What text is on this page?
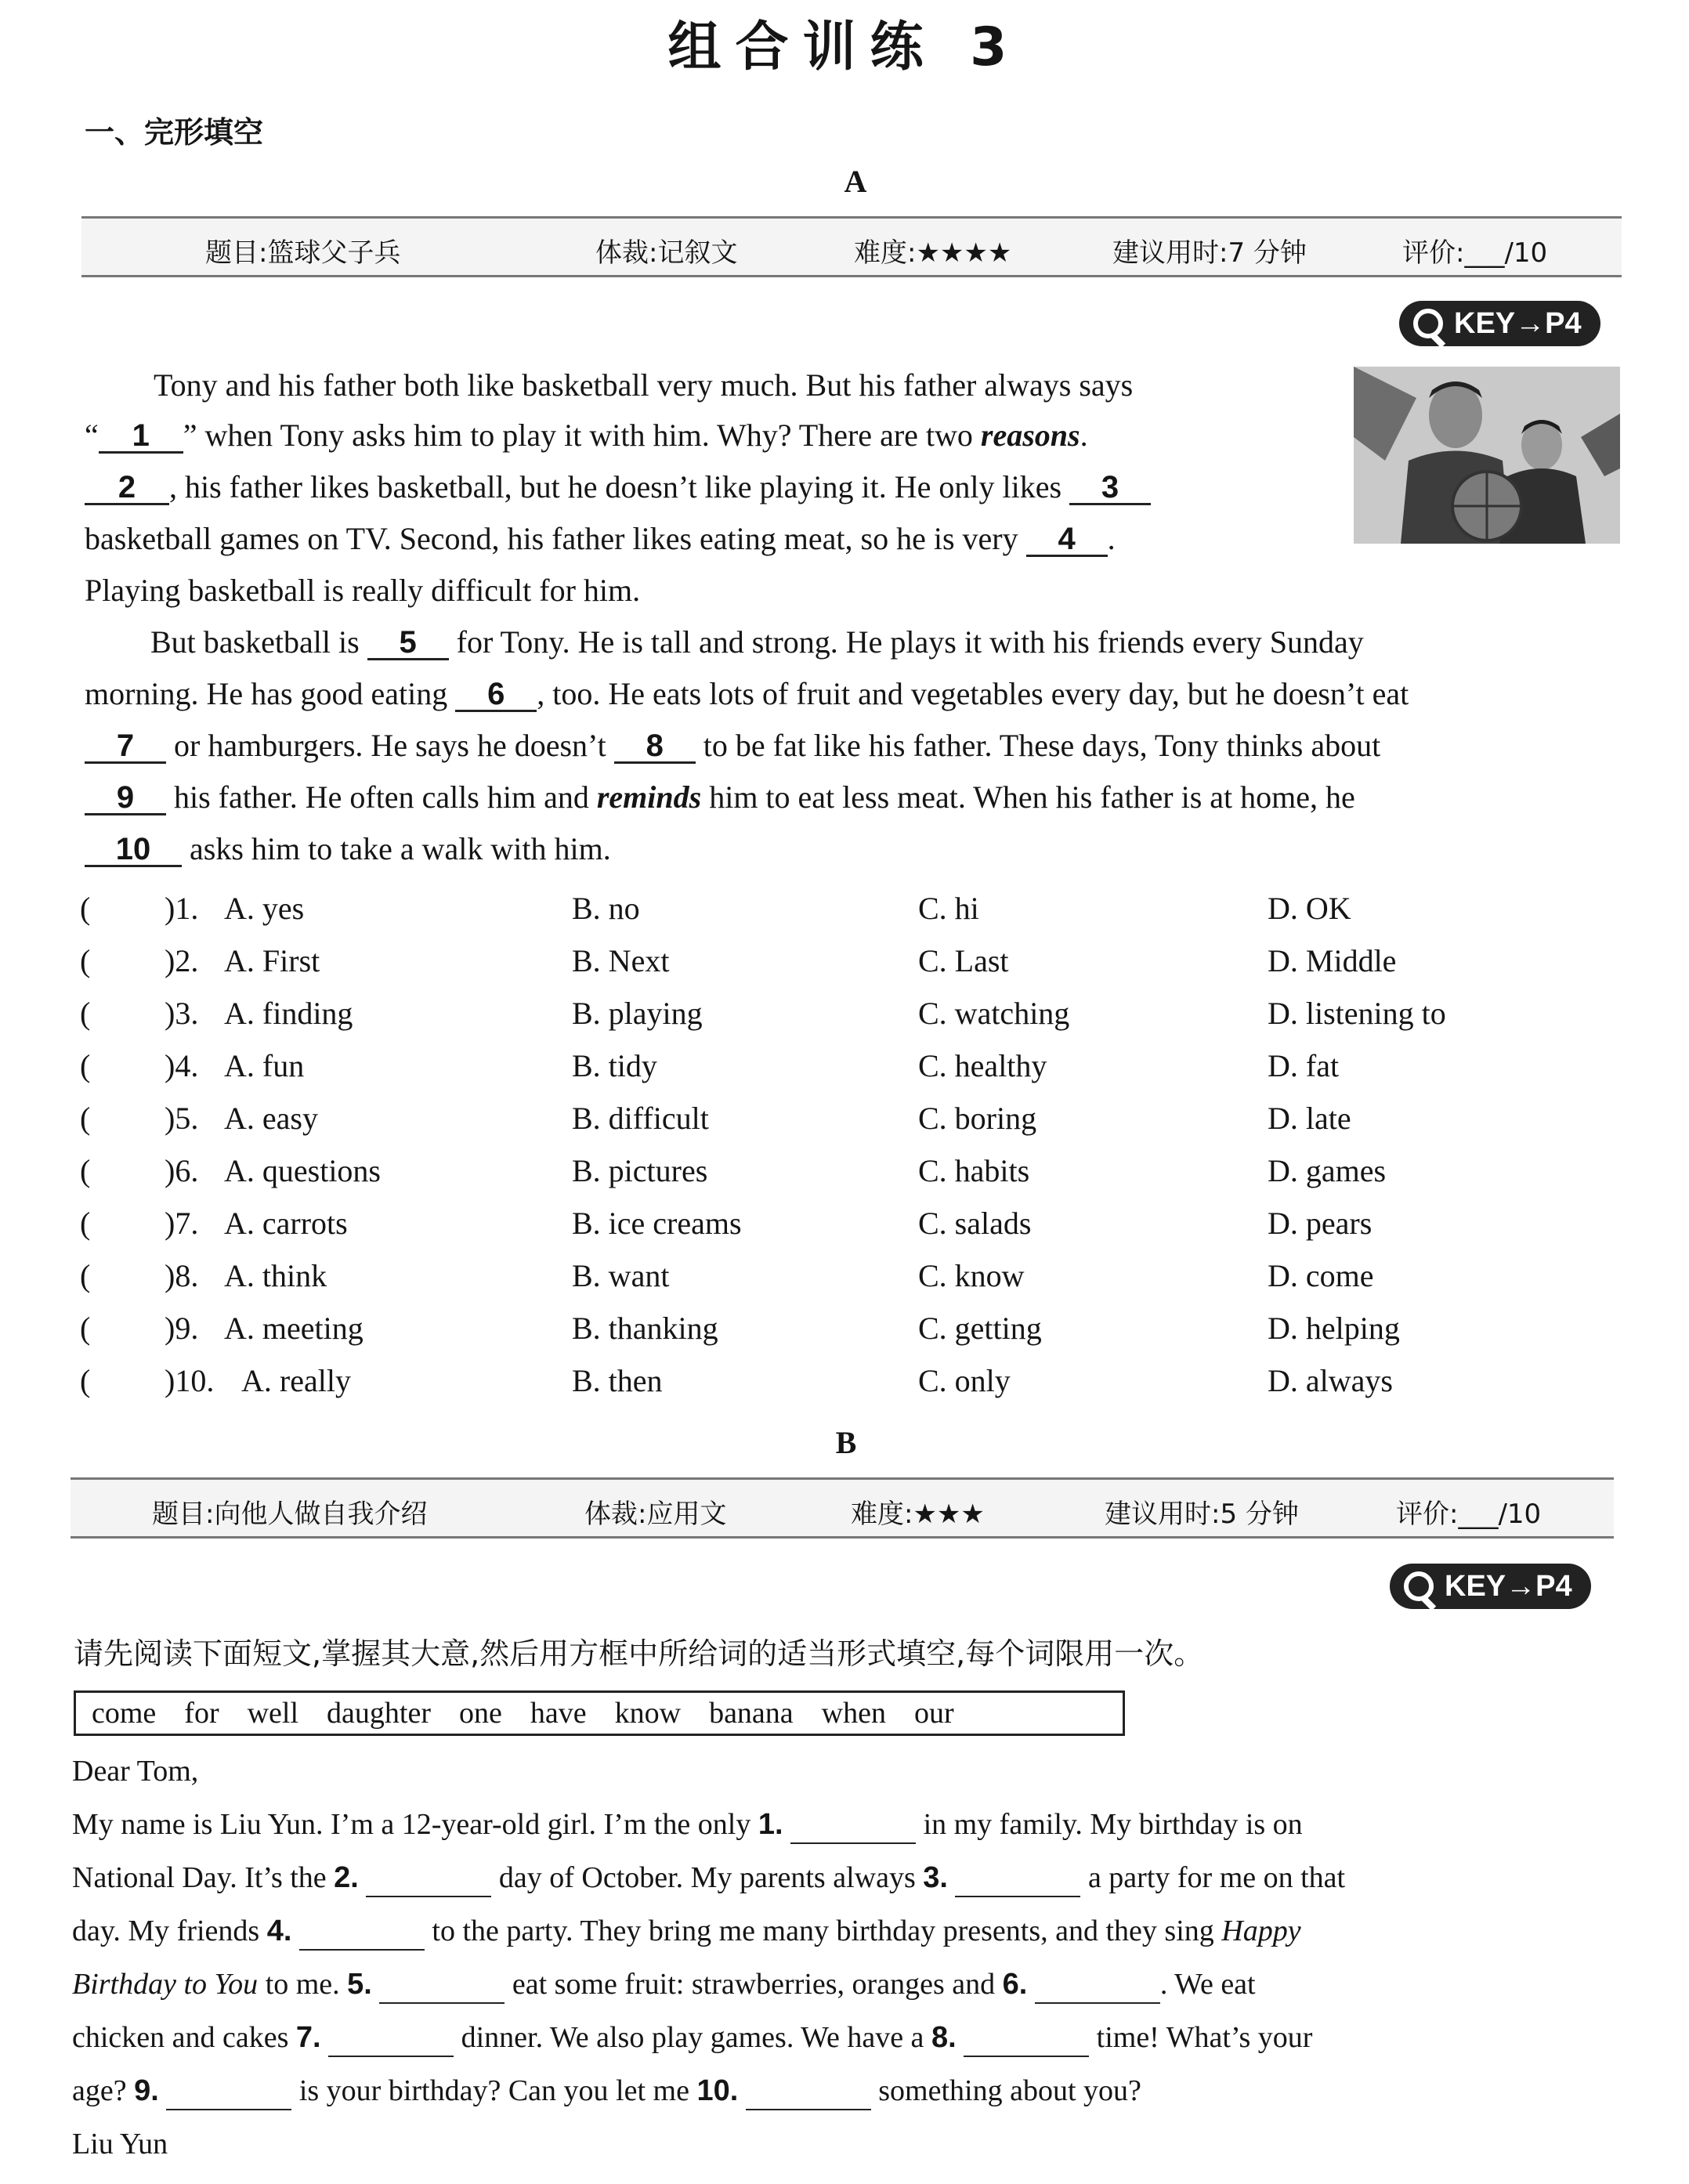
组合训练 3
一、完形填空
A
题目:篮球父子兵	体裁:记叙文	难度:★★★★	建议用时:7 分钟	评价:___/10
KEY→P4
Tony and his father both like basketball very much. But his father always says
“ 1 ” when Tony asks him to play it with him. Why? There are two reasons.
2 , his father likes basketball, but he doesn’t like playing it. He only likes 3
basketball games on TV. Second, his father likes eating meat, so he is very 4 .
Playing basketball is really difficult for him.
But basketball is 5 for Tony. He is tall and strong. He plays it with his friends every Sunday
morning. He has good eating 6 , too. He eats lots of fruit and vegetables every day, but he doesn’t eat
7 or hamburgers. He says he doesn’t 8 to be fat like his father. These days, Tony thinks about
9 his father. He often calls him and reminds him to eat less meat. When his father is at home, he
10 asks him to take a walk with him.
( )1. A. yes	B. no	C. hi	D. OK
( )2. A. First	B. Next	C. Last	D. Middle
( )3. A. finding	B. playing	C. watching	D. listening to
( )4. A. fun	B. tidy	C. healthy	D. fat
( )5. A. easy	B. difficult	C. boring	D. late
( )6. A. questions	B. pictures	C. habits	D. games
( )7. A. carrots	B. ice creams	C. salads	D. pears
( )8. A. think	B. want	C. know	D. come
( )9. A. meeting	B. thanking	C. getting	D. helping
( )10. A. really	B. then	C. only	D. always
B
题目:向他人做自我介绍	体裁:应用文	难度:★★★	建议用时:5 分钟	评价:___/10
KEY→P4
请先阅读下面短文,掌握其大意,然后用方框中所给词的适当形式填空,每个词限用一次。
come for well daughter one have know banana when our
Dear Tom,
My name is Liu Yun. I’m a 12-year-old girl. I’m the only 1.	in my family. My birthday is on
National Day. It’s the 2.	day of October. My parents always 3.	a party for me on that
day. My friends 4.	to the party. They bring me many birthday presents, and they sing Happy
Birthday to You to me. 5.	eat some fruit: strawberries, oranges and 6.	. We eat
chicken and cakes 7.	dinner. We also play games. We have a 8.	time! What’s your
age? 9.	is your birthday? Can you let me 10.	something about you?
Liu Yun
